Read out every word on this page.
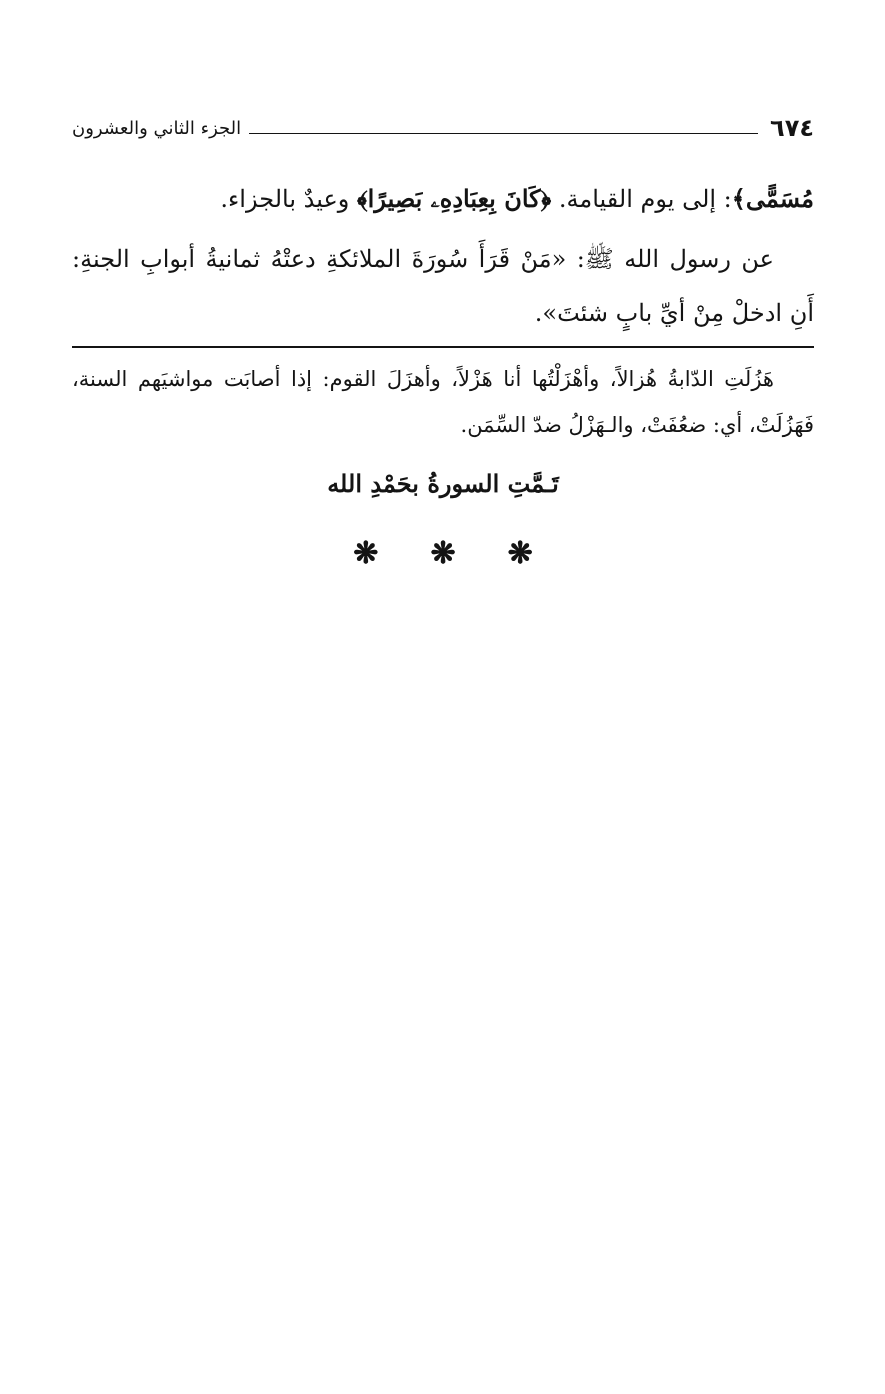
٦٧٤
الجزء الثاني والعشرون
مُسَمًّى﴾: إلى يوم القيامة. ﴿كَانَ بِعِبَادِهِۦ بَصِيرًا﴾ وعيدٌ بالجزاء.
عن رسول الله ﷺ: «مَنْ قَرَأَ سُورَةَ الملائكةِ دعتْهُ ثمانيةُ أبوابِ الجنةِ: أَنِ ادخلْ مِنْ أيِّ بابٍ شئتَ».
هَزُلَتِ الدّابةُ هُزالاً، وأهْزَلْتُها أنا هَزْلاً، وأهزَلَ القوم: إذا أصابَت مواشيَهم السنة، فَهَزُلَتْ، أي: ضعُفَتْ، والـهَزْلُ ضدّ السِّمَن.
تَـمَّتِ السورةُ بحَمْدِ الله
❋
❋
❋
